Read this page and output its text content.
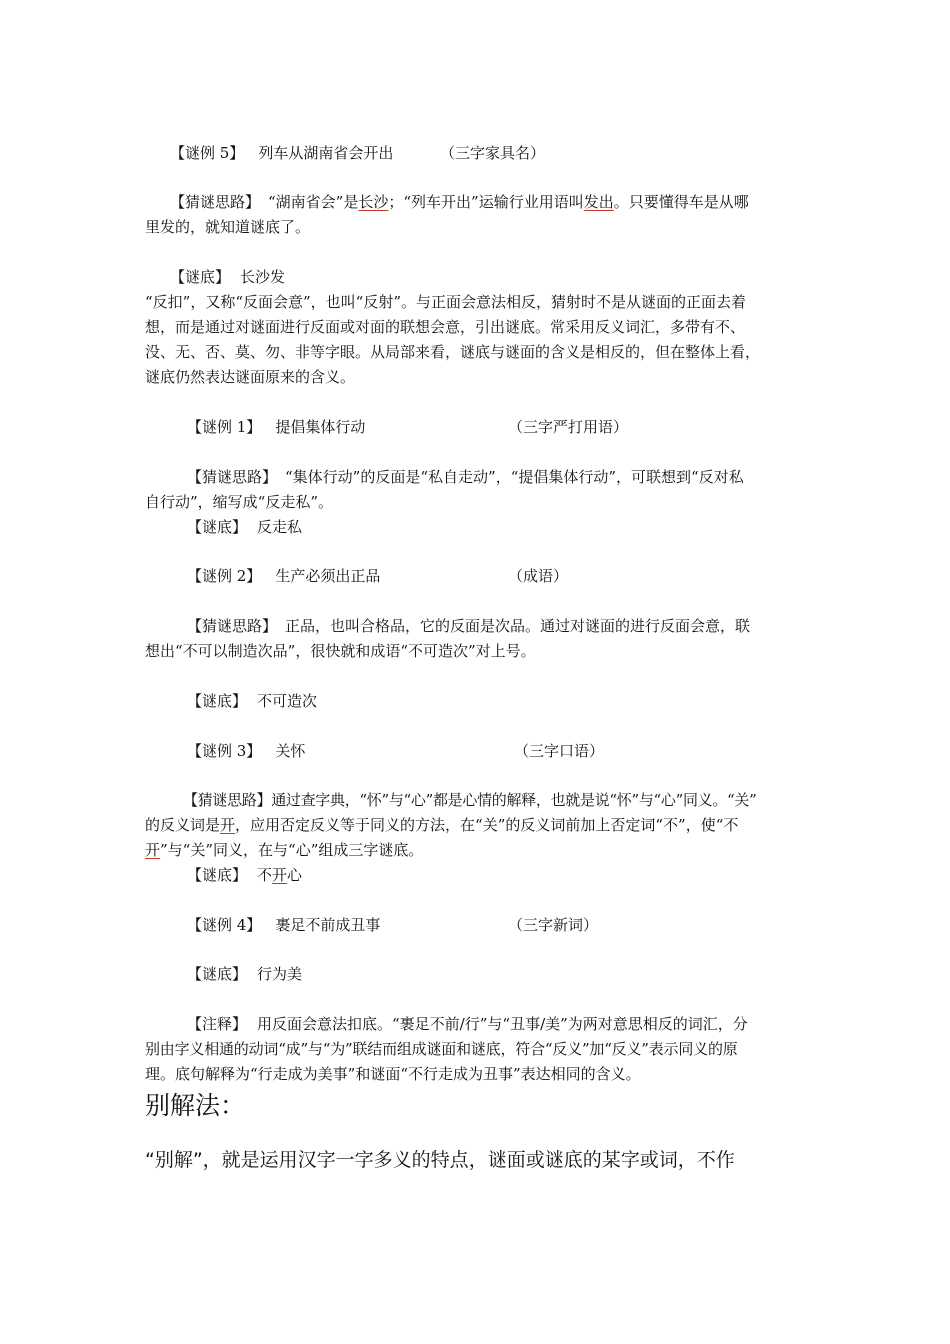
【谜例 5】 列车从湖南省会开出	（三字家具名）
【猜谜思路】 “湖南省会”是长沙；“列车开出”运输行业用语叫发出。只要懂得车是从哪
里发的，就知道谜底了。
【谜底】 长沙发
“反扣”，又称“反面会意”，也叫“反射”。与正面会意法相反，猜射时不是从谜面的正面去着
想，而是通过对谜面进行反面或对面的联想会意，引出谜底。常采用反义词汇，多带有不、
没、无、否、莫、勿、非等字眼。从局部来看，谜底与谜面的含义是相反的，但在整体上看，
谜底仍然表达谜面原来的含义。
【谜例 1】 提倡集体行动	（三字严打用语）
【猜谜思路】 “集体行动”的反面是“私自走动”，“提倡集体行动”，可联想到“反对私
自行动”，缩写成“反走私”。
【谜底】 反走私
【谜例 2】 生产必须出正品	（成语）
【猜谜思路】 正品，也叫合格品，它的反面是次品。通过对谜面的进行反面会意，联
想出“不可以制造次品”，很快就和成语“不可造次”对上号。
【谜底】 不可造次
【谜例 3】 关怀	（三字口语）
【猜谜思路】通过查字典，“怀”与“心”都是心情的解释，也就是说“怀”与“心”同义。“关”
的反义词是开，应用否定反义等于同义的方法，在“关”的反义词前加上否定词“不”，使“不
开”与“关”同义，在与“心”组成三字谜底。
【谜底】 不开心
【谜例 4】 裹足不前成丑事	（三字新词）
【谜底】 行为美
【注释】 用反面会意法扣底。“裹足不前/行”与“丑事/美”为两对意思相反的词汇，分
别由字义相通的动词“成”与“为”联结而组成谜面和谜底，符合“反义”加“反义”表示同义的原
理。底句解释为“行走成为美事”和谜面“不行走成为丑事”表达相同的含义。
别解法：
“别解”，就是运用汉字一字多义的特点，谜面或谜底的某字或词，不作
